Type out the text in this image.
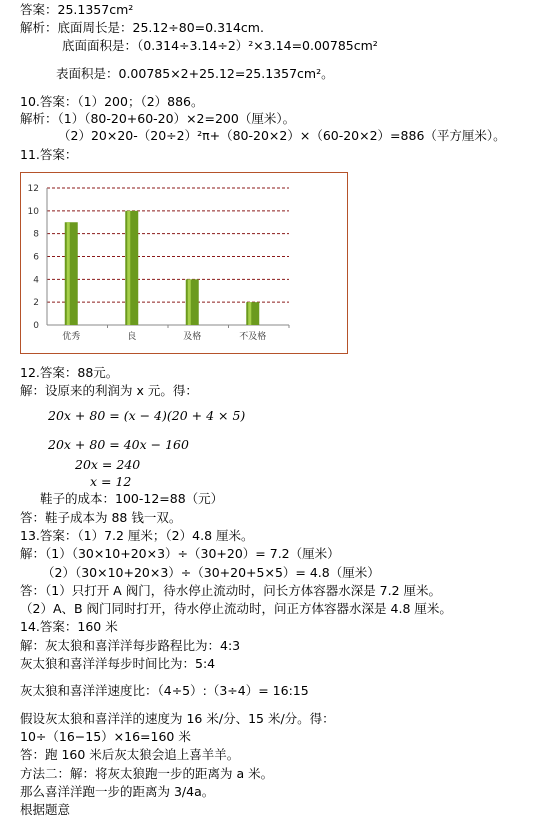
答案：25.1357cm²
解析：底面周长是：25.12÷80=0.314cm.
底面面积是：（0.314÷3.14÷2）²×3.14=0.00785cm²
表面积是：0.00785×2+25.12=25.1357cm²。
10.答案：（1）200；（2）886。
解析：（1）（80-20+60-20）×2=200（厘米）。
（2）20×20-（20÷2）²π+（80-20×2）×（60-20×2）=886（平方厘米）。
11.答案：
0
2
4
6
8
10
12
优秀	良	及格	不及格
12.答案：88元。
解：设原来的利润为 x 元。得：
20x + 80 = (x − 4)(20 + 4 × 5)
20x + 80 = 40x − 160
20x = 240
x = 12
鞋子的成本：100-12=88（元）
答：鞋子成本为 88 钱一双。
13.答案：（1）7.2 厘米；（2）4.8 厘米。
解：（1）（30×10+20×3）÷（30+20）= 7.2（厘米）
（2）（30×10+20×3）÷（30+20+5×5）= 4.8（厘米）
答：（1）只打开 A 阀门，待水停止流动时，问长方体容器水深是 7.2 厘米。
（2）A、B 阀门同时打开，待水停止流动时，问正方体容器水深是 4.8 厘米。
14.答案：160 米
解：灰太狼和喜洋洋每步路程比为：4:3
灰太狼和喜洋洋每步时间比为：5:4
灰太狼和喜洋洋速度比：（4÷5）:（3÷4）= 16:15
假设灰太狼和喜洋洋的速度为 16 米/分、15 米/分。得：
10÷（16−15）×16=160 米
答：跑 160 米后灰太狼会追上喜羊羊。
方法二：解：将灰太狼跑一步的距离为 a 米。
那么喜洋洋跑一步的距离为 3/4a。
根据题意
